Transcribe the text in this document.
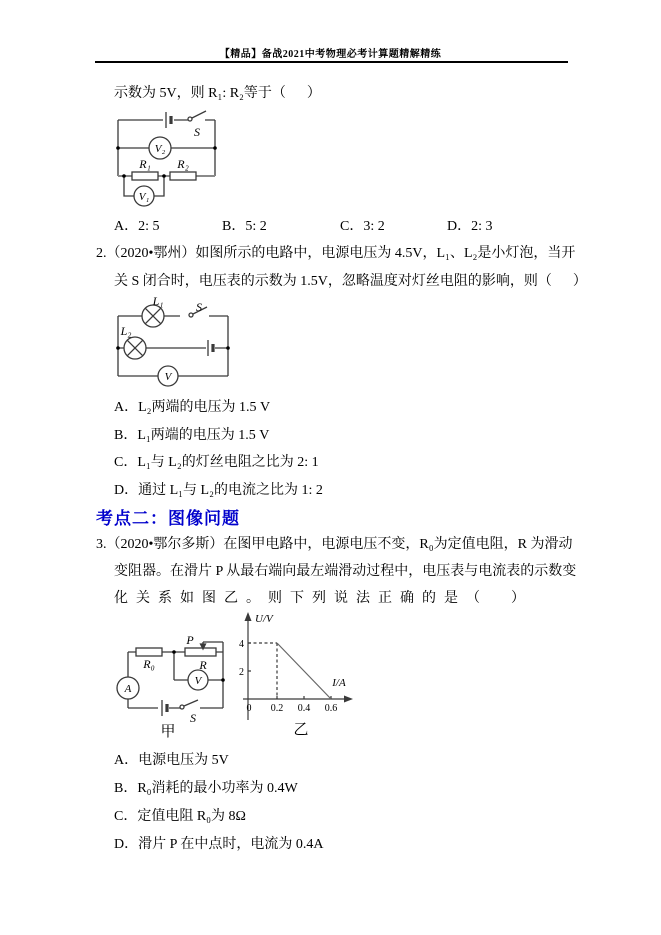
【精品】备战2021中考物理必考计算题精解精练
示数为 5V，则 R₁: R₂等于（      ）
S
V₂
R₁ R₂
V₁
A．2: 5	B．5: 2	C．3: 2	D．2: 3
2.（2020•鄂州）如图所示的电路中，电源电压为 4.5V，L₁、L₂是小灯泡，当开
关 S 闭合时，电压表的示数为 1.5V，忽略温度对灯丝电阻的影响，则（      ）
L₁
L₂
S
V
A．L₂两端的电压为 1.5 V
B．L₁两端的电压为 1.5 V
C．L₁与 L₂的灯丝电阻之比为 2: 1
D．通过 L₁与 L₂的电流之比为 1: 2
考点二：图像问题
3.（2020•鄂尔多斯）在图甲电路中，电源电压不变，R₀为定值电阻，R 为滑动
变阻器。在滑片 P 从最右端向最左端滑动过程中，电压表与电流表的示数变
化关系如图乙。则下列说法正确的是（  ）
R₀
P
R
V
A
S
甲
U/V
I/A
4
2
0 0.2 0.4 0.6
乙
A．电源电压为 5V
B．R₀消耗的最小功率为 0.4W
C．定值电阻 R₀为 8Ω
D．滑片 P 在中点时，电流为 0.4A
